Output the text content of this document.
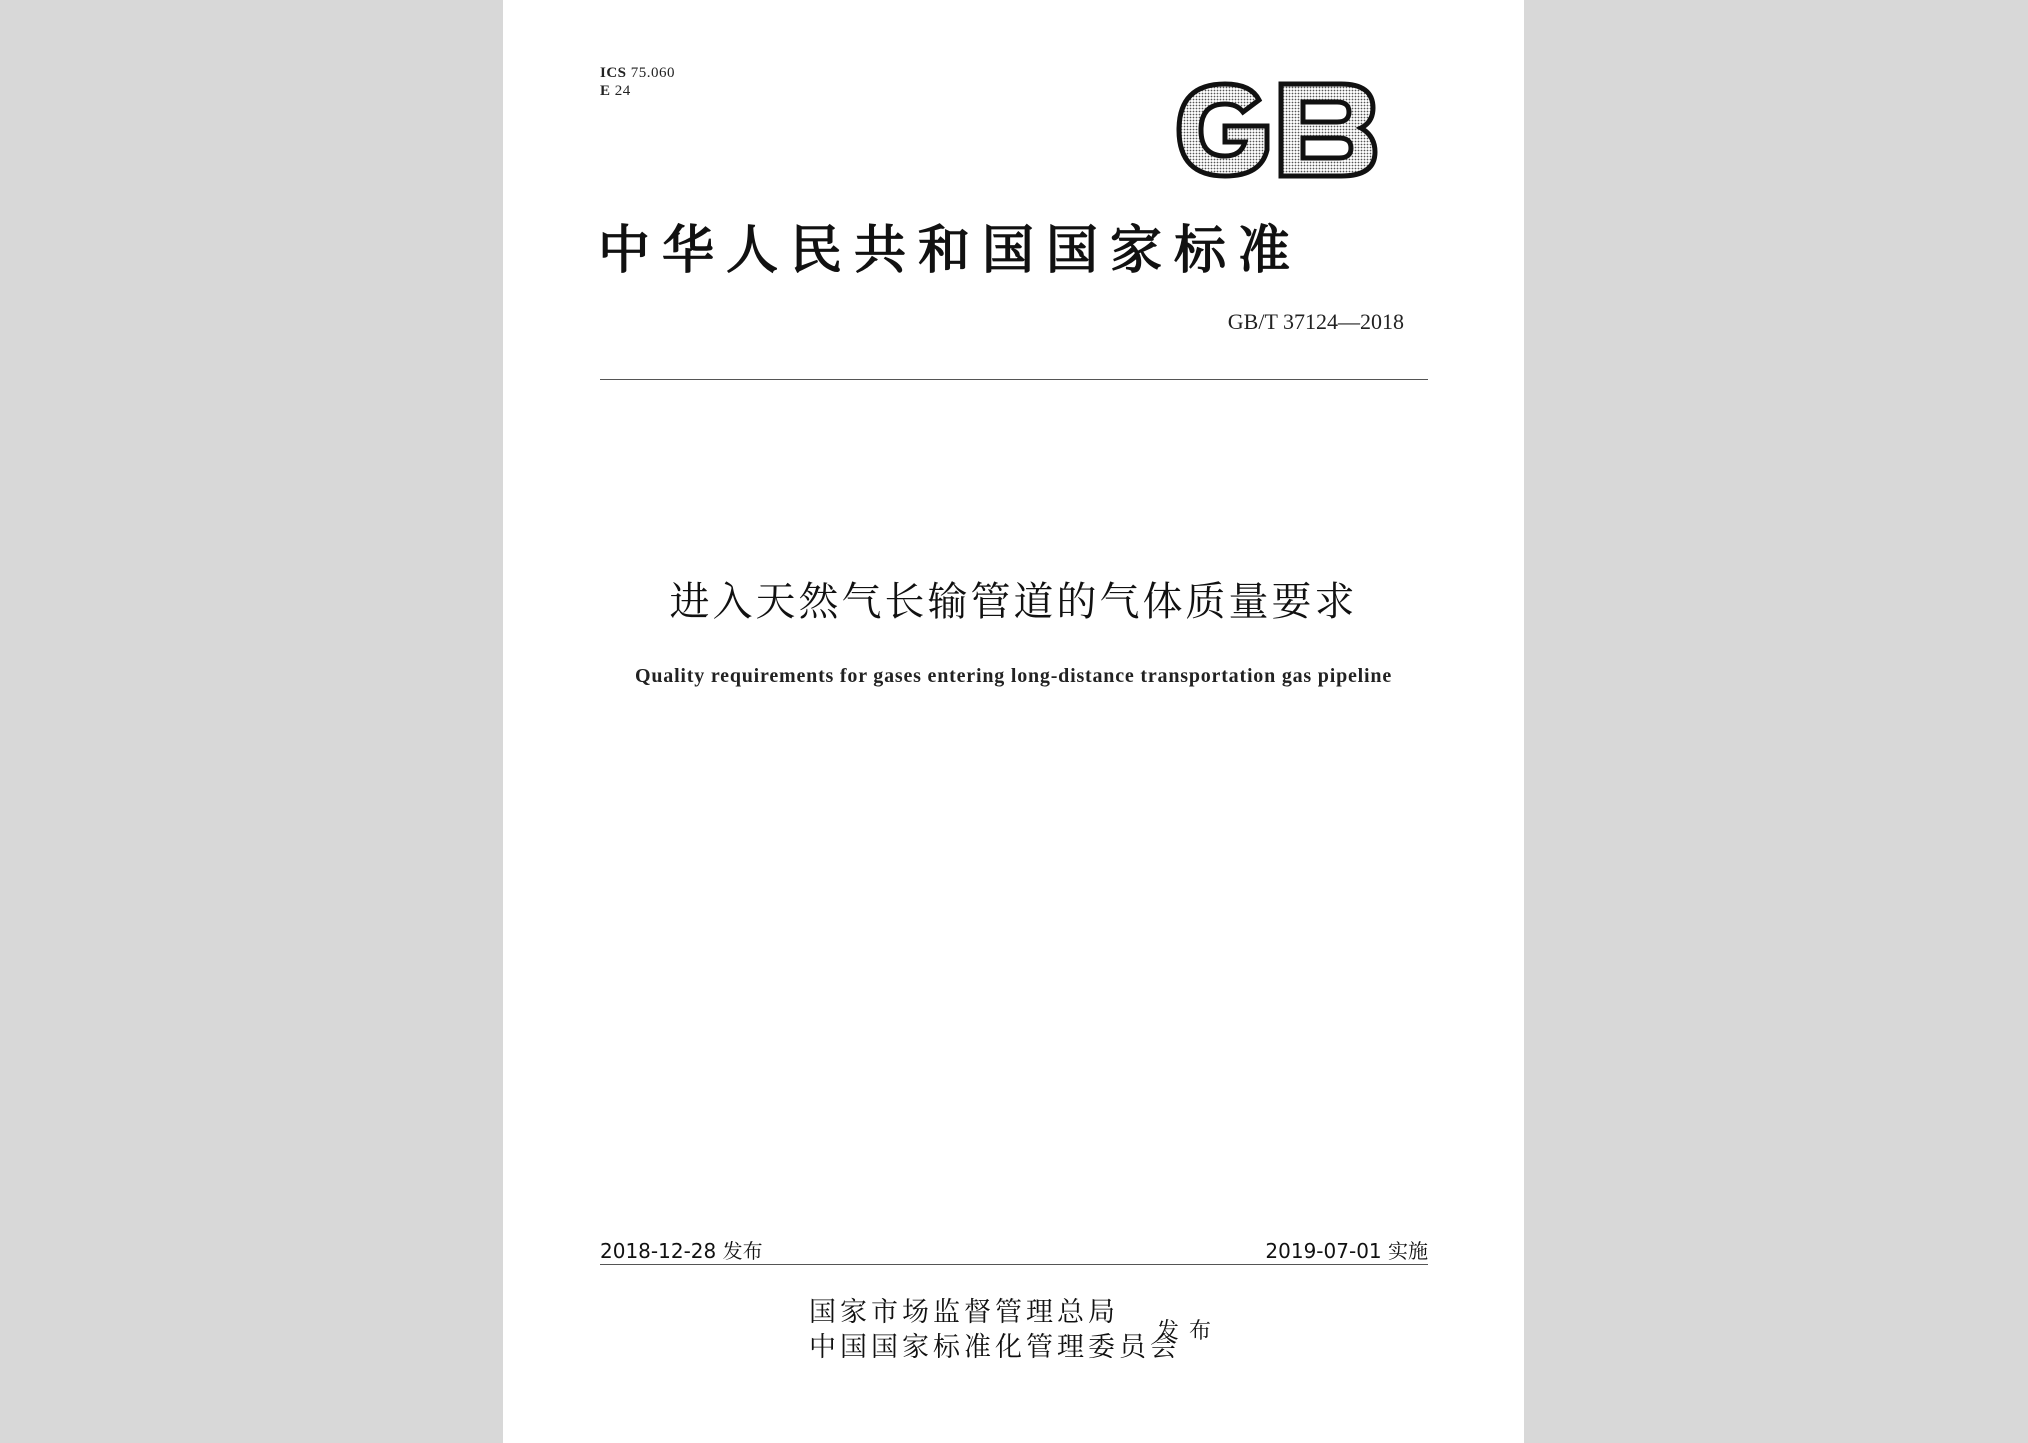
ICS 75.060
E 24
中华人民共和国国家标准
GB/T 37124—2018
进入天然气长输管道的气体质量要求
Quality requirements for gases entering long-distance transportation gas pipeline
2018-12-28 发布	2019-07-01 实施
国家市场监督管理总局
中国国家标准化管理委员会
发布
